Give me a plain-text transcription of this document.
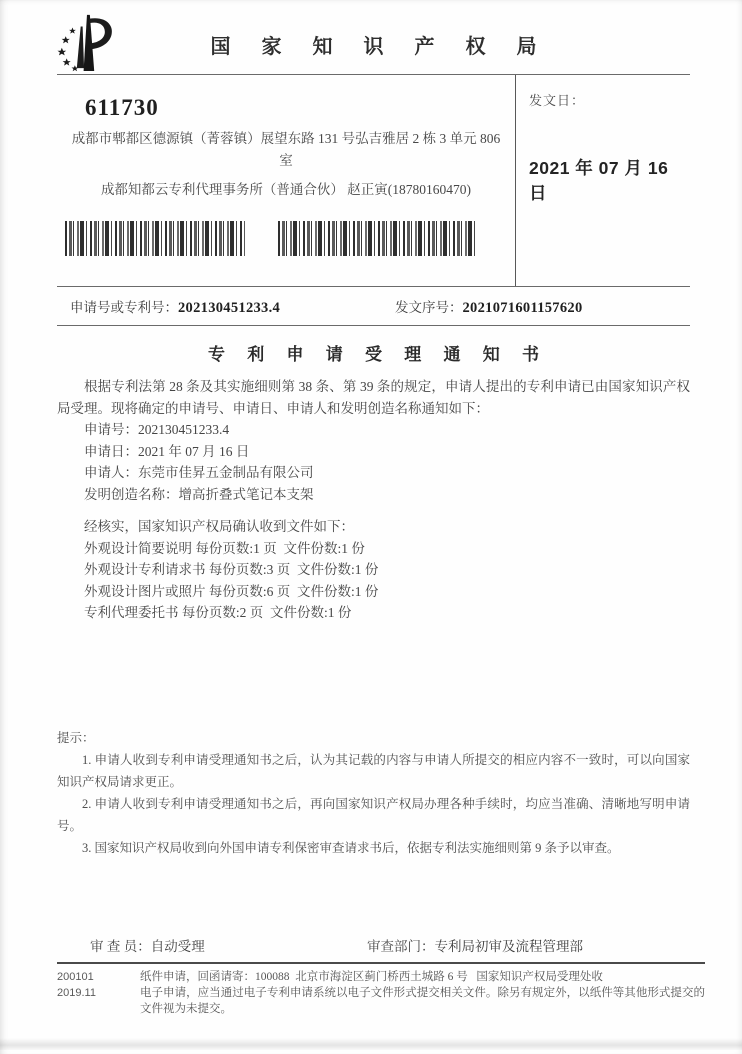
国 家 知 识 产 权 局
611730
成都市郫都区德源镇（菁蓉镇）展望东路 131 号弘吉雅居 2 栋 3 单元 806 室
成都知都云专利代理事务所（普通合伙） 赵正寅(18780160470)
发文日：
2021 年 07 月 16 日
申请号或专利号：202130451233.4	发文序号：2021071601157620
专 利 申 请 受 理 通 知 书

根据专利法第 28 条及其实施细则第 38 条、第 39 条的规定，申请人提出的专利申请已由国家知识产权局受理。现将确定的申请号、申请日、申请人和发明创造名称通知如下：

申请号：202130451233.4

申请日：2021 年 07 月 16 日

申请人：东莞市佳昇五金制品有限公司

发明创造名称：增高折叠式笔记本支架

经核实，国家知识产权局确认收到文件如下：

外观设计简要说明 每份页数:1 页  文件份数:1 份

外观设计专利请求书 每份页数:3 页  文件份数:1 份

外观设计图片或照片 每份页数:6 页  文件份数:1 份

专利代理委托书 每份页数:2 页  文件份数:1 份

提示：

1. 申请人收到专利申请受理通知书之后，认为其记载的内容与申请人所提交的相应内容不一致时，可以向国家知识产权局请求更正。

2. 申请人收到专利申请受理通知书之后，再向国家知识产权局办理各种手续时，均应当准确、清晰地写明申请号。

3. 国家知识产权局收到向外国申请专利保密审查请求书后，依据专利法实施细则第 9 条予以审查。

审 查 员：自动受理	审查部门：专利局初审及流程管理部
200101	纸件申请，回函请寄：100088  北京市海淀区蓟门桥西土城路 6 号   国家知识产权局受理处收
2019.11	电子申请，应当通过电子专利申请系统以电子文件形式提交相关文件。除另有规定外，以纸件等其他形式提交的文件视为未提交。
